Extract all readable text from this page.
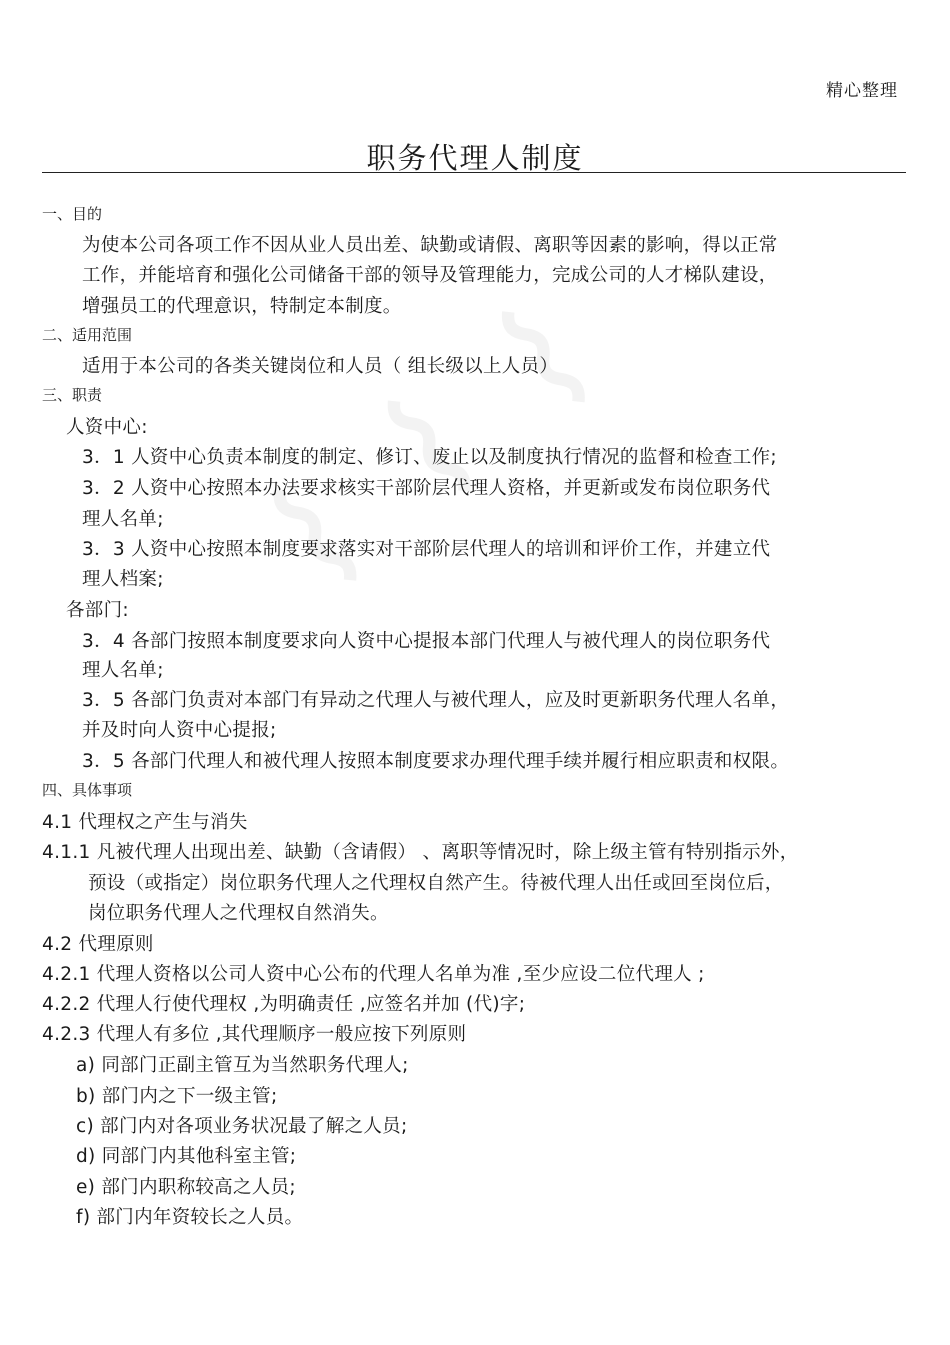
精心整理
职务代理人制度
一、目的
为使本公司各项工作不因从业人员出差、缺勤或请假、离职等因素的影响，得以正常
工作，并能培育和强化公司储备干部的领导及管理能力，完成公司的人才梯队建设，
增强员工的代理意识，特制定本制度。
二、适用范围
适用于本公司的各类关键岗位和人员（ 组长级以上人员）
三、职责
人资中心:
3．1 人资中心负责本制度的制定、修订、废止以及制度执行情况的监督和检查工作;
3．2 人资中心按照本办法要求核实干部阶层代理人资格，并更新或发布岗位职务代
理人名单;
3．3 人资中心按照本制度要求落实对干部阶层代理人的培训和评价工作，并建立代
理人档案;
各部门:
3．4 各部门按照本制度要求向人资中心提报本部门代理人与被代理人的岗位职务代
理人名单;
3．5 各部门负责对本部门有异动之代理人与被代理人，应及时更新职务代理人名单，
并及时向人资中心提报;
3．5 各部门代理人和被代理人按照本制度要求办理代理手续并履行相应职责和权限。
四、具体事项
4.1 代理权之产生与消失
4.1.1 凡被代理人出现出差、缺勤（含请假） 、离职等情况时，除上级主管有特别指示外，
预设（或指定）岗位职务代理人之代理权自然产生。待被代理人出任或回至岗位后，
岗位职务代理人之代理权自然消失。
4.2 代理原则
4.2.1 代理人资格以公司人资中心公布的代理人名单为准 ,至少应设二位代理人 ;
4.2.2 代理人行使代理权 ,为明确责任 ,应签名并加 (代)字;
4.2.3 代理人有多位 ,其代理顺序一般应按下列原则
a) 同部门正副主管互为当然职务代理人;
b) 部门内之下一级主管;
c) 部门内对各项业务状况最了解之人员;
d) 同部门内其他科室主管;
e) 部门内职称较高之人员;
f) 部门内年资较长之人员。
